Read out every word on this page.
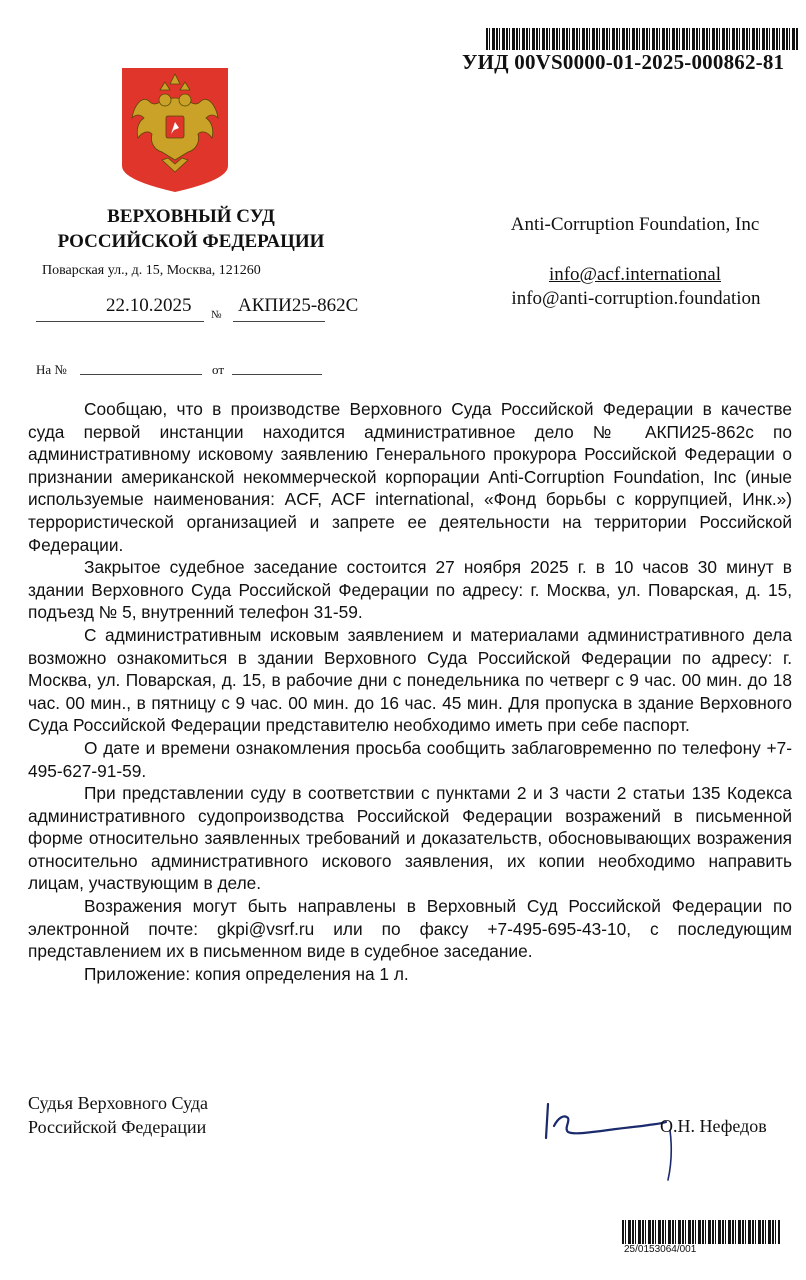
УИД 00VS0000-01-2025-000862-81
ВЕРХОВНЫЙ СУД
РОССИЙСКОЙ ФЕДЕРАЦИИ
Поварская ул., д. 15, Москва, 121260
22.10.2025 № АКПИ25-862С
На №	от
Anti-Corruption Foundation, Inc
info@acf.international
info@anti-corruption.foundation

Сообщаю, что в производстве Верховного Суда Российской Федерации в качестве суда первой инстанции находится административное дело № АКПИ25-862с по административному исковому заявлению Генерального прокурора Российской Федерации о признании американской некоммерческой корпорации Anti-Corruption Foundation, Inc (иные используемые наименования: ACF, ACF international, «Фонд борьбы с коррупцией, Инк.») террористической организацией и запрете ее деятельности на территории Российской Федерации.

Закрытое судебное заседание состоится 27 ноября 2025 г. в 10 часов 30 минут в здании Верховного Суда Российской Федерации по адресу: г. Москва, ул. Поварская, д. 15, подъезд № 5, внутренний телефон 31-59.

С административным исковым заявлением и материалами административного дела возможно ознакомиться в здании Верховного Суда Российской Федерации по адресу: г. Москва, ул. Поварская, д. 15, в рабочие дни с понедельника по четверг с 9 час. 00 мин. до 18 час. 00 мин., в пятницу с 9 час. 00 мин. до 16 час. 45 мин. Для пропуска в здание Верховного Суда Российской Федерации представителю необходимо иметь при себе паспорт.

О дате и времени ознакомления просьба сообщить заблаговременно по телефону +7-495-627-91-59.

При представлении суду в соответствии с пунктами 2 и 3 части 2 статьи 135 Кодекса административного судопроизводства Российской Федерации возражений в письменной форме относительно заявленных требований и доказательств, обосновывающих возражения относительно административного искового заявления, их копии необходимо направить лицам, участвующим в деле.

Возражения могут быть направлены в Верховный Суд Российской Федерации по электронной почте: gkpi@vsrf.ru или по факсу +7-495-695-43-10, с последующим представлением их в письменном виде в судебное заседание.

Приложение: копия определения на 1 л.

Судья Верховного Суда
Российской Федерации	О.Н. Нефедов
25/0153064/001
